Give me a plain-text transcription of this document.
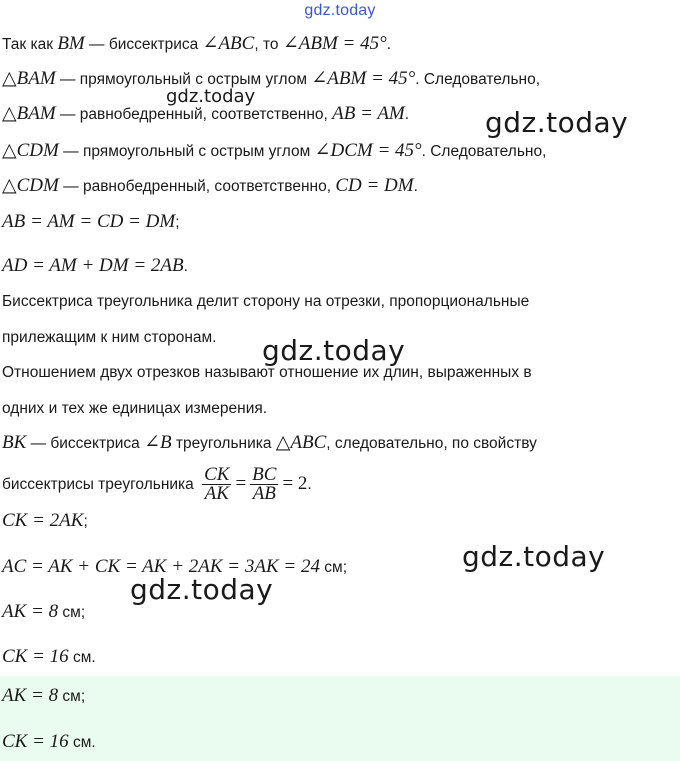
gdz.today
Так как BM — биссектриса ∠ABC, то ∠ABM = 45°.
△BAM — прямоугольный с острым углом ∠ABM = 45°. Следовательно,
△BAM — равнобедренный, соответственно, AB = AM.
△CDM — прямоугольный с острым углом ∠DCM = 45°. Следовательно,
△CDM — равнобедренный, соответственно, CD = DM.
AB = AM = CD = DM;
AD = AM + DM = 2AB.
Биссектриса треугольника делит сторону на отрезки, пропорциональные
прилежащим к ним сторонам.
Отношением двух отрезков называют отношение их длин, выраженных в
одних и тех же единицах измерения.
BK — биссектриса ∠B треугольника △ABC, следовательно, по свойству
биссектрисы треугольника $\frac{CK}{AK} = \frac{BC}{AB} = 2$.
CK = 2AK;
AC = AK + CK = AK + 2AK = 3AK = 24 см;
AK = 8 см;
CK = 16 см.
AK = 8 см;
CK = 16 см.
gdz.today
gdz.today
gdz.today
gdz.today
gdz.today
